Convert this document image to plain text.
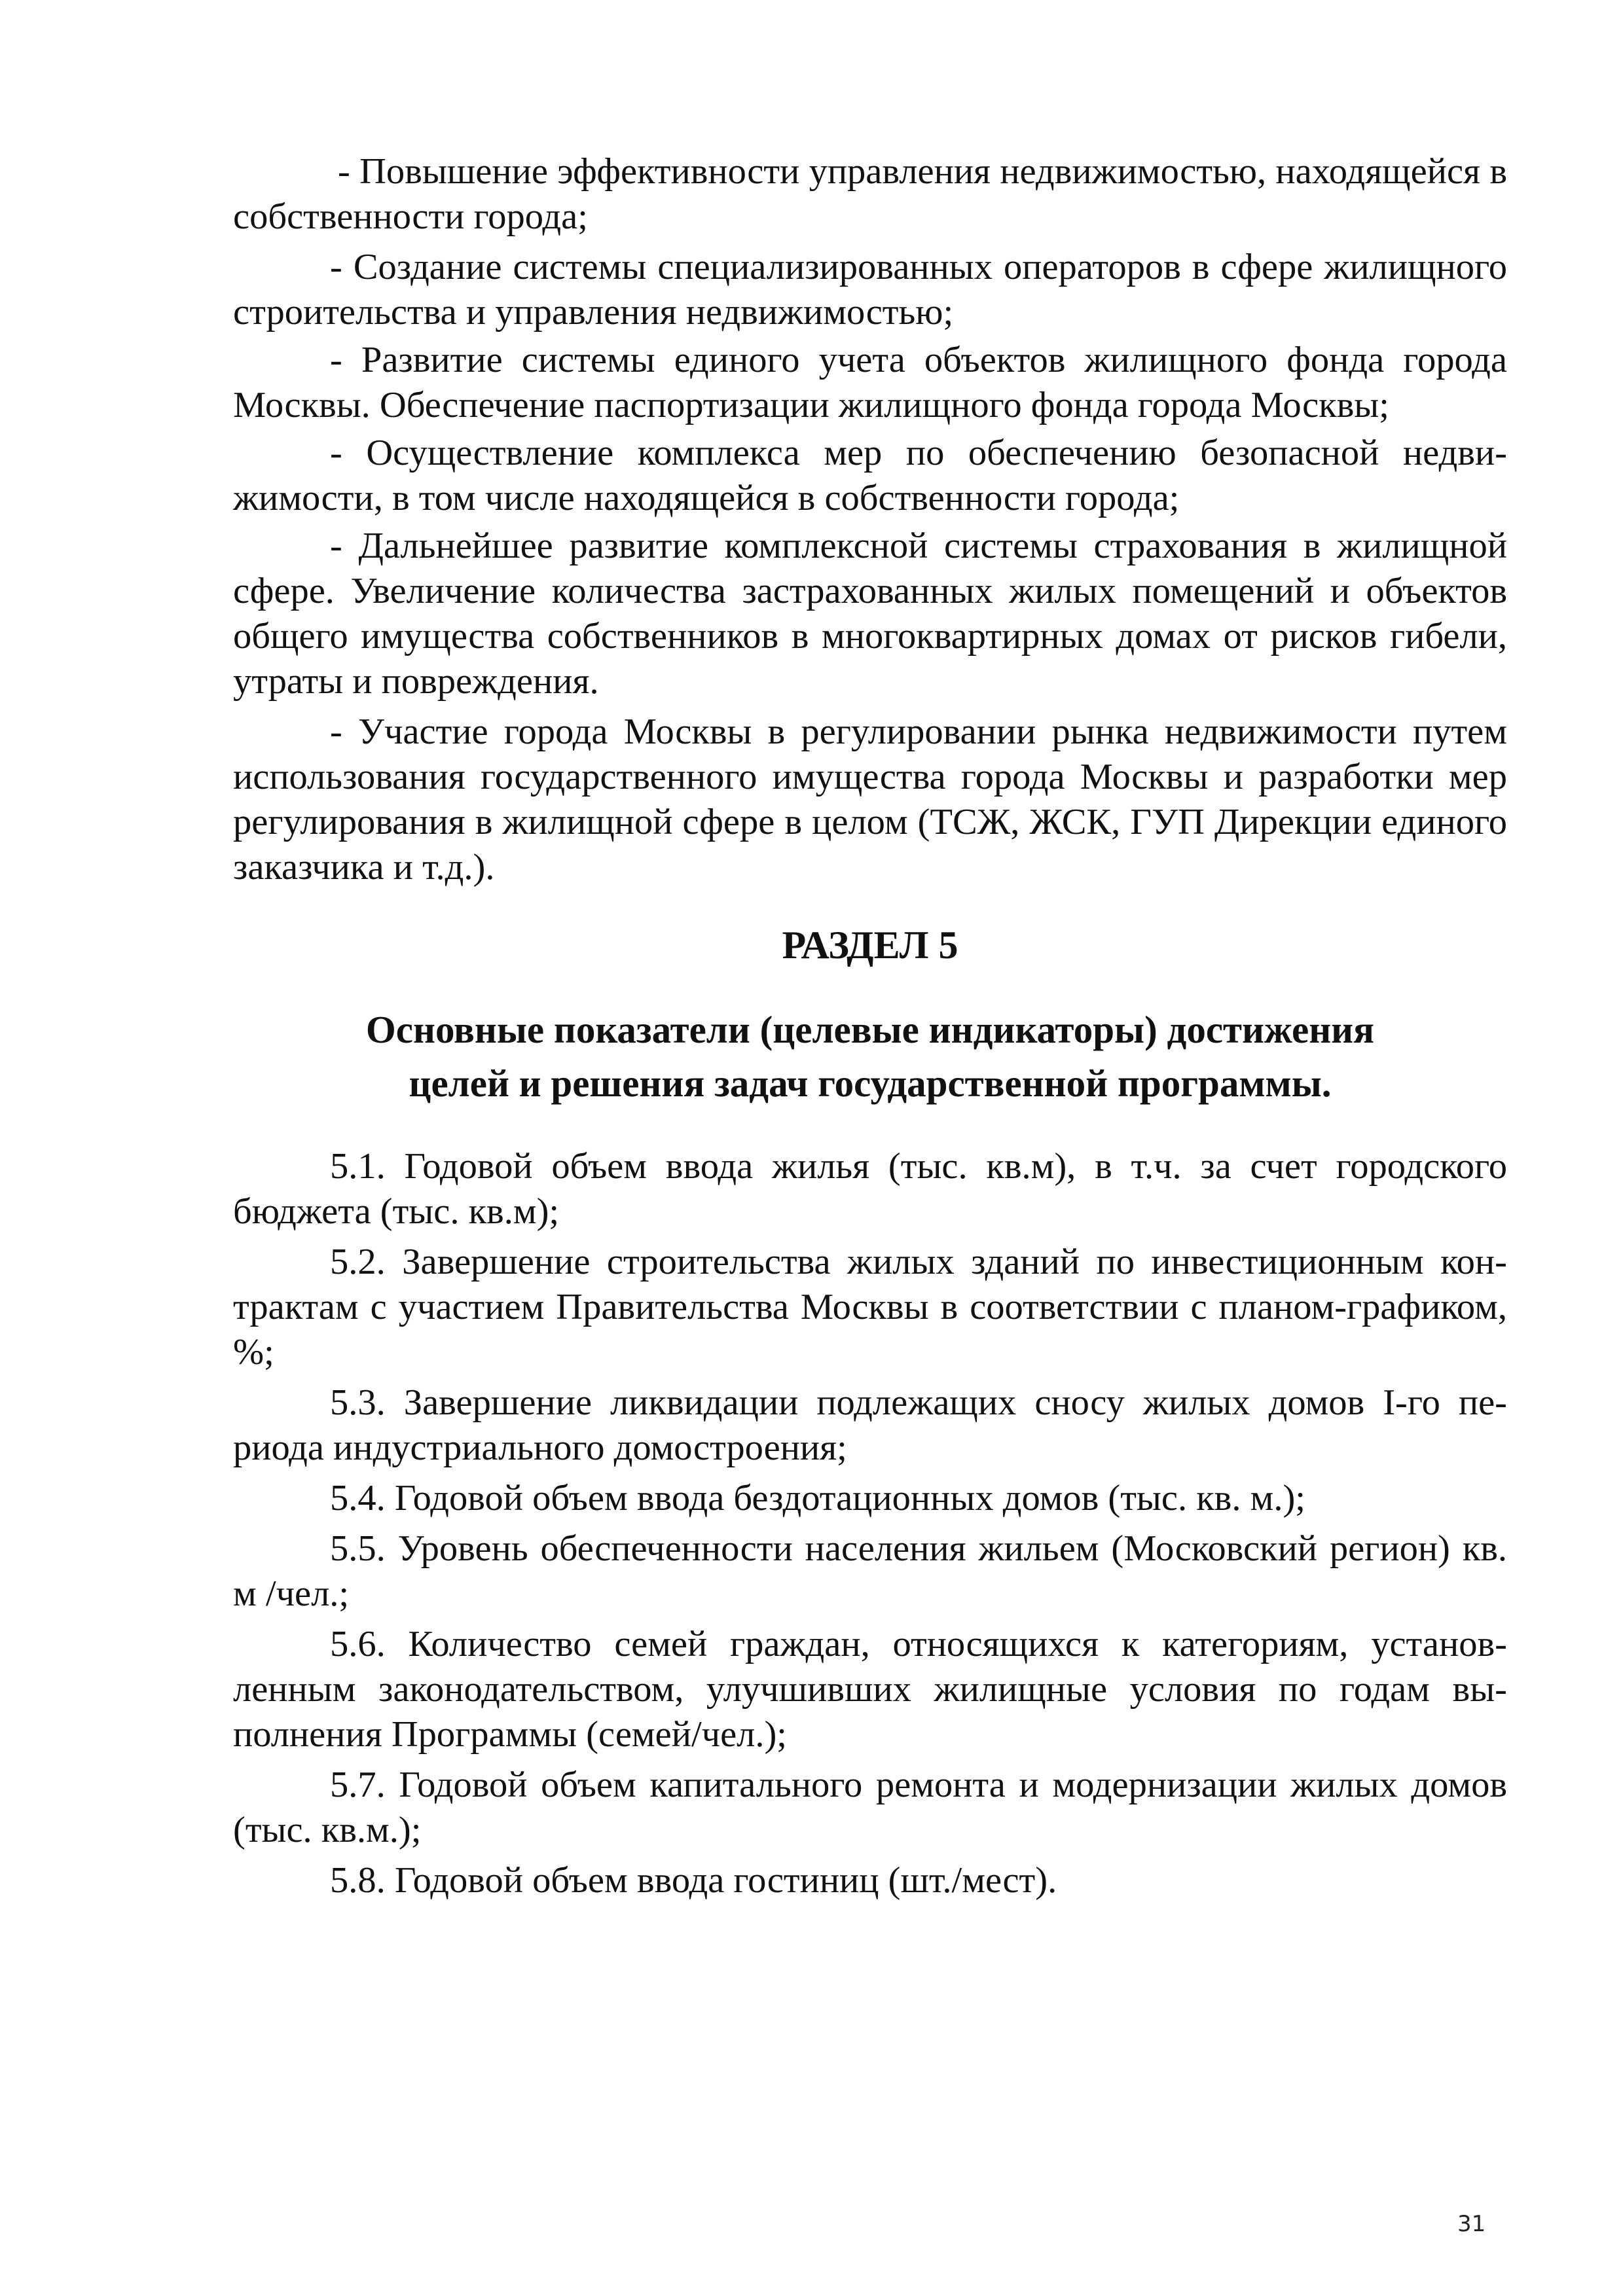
- Повышение эффективности управления недвижимостью, находящейся в собственности города;

- Создание системы специализированных операторов в сфере жилищного строительства и управления недвижимостью;

- Развитие системы единого учета объектов жилищного фонда города Москвы. Обеспечение паспортизации жилищного фонда города Москвы;

- Осуществление комплекса мер по обеспечению безопасной недвижимости, в том числе находящейся в собственности города;

- Дальнейшее развитие комплексной системы страхования в жилищной сфере. Увеличение количества застрахованных жилых помещений и объектов общего имущества собственников в многоквартирных домах от рисков гибели, утраты и повреждения.

- Участие города Москвы в регулировании рынка недвижимости путем использования государственного имущества города Москвы и разработки мер регулирования в жилищной сфере в целом (ТСЖ, ЖСК, ГУП Дирекции единого заказчика и т.д.).

РАЗДЕЛ 5
Основные показатели (целевые индикаторы) достижения
целей и решения задач государственной программы.

5.1. Годовой объем ввода жилья (тыс. кв.м), в т.ч. за счет городского бюджета (тыс. кв.м);

5.2. Завершение строительства жилых зданий по инвестиционным контрактам с участием Правительства Москвы в соответствии с планом-графиком, %;

5.3. Завершение ликвидации подлежащих сносу жилых домов I-го периода индустриального домостроения;

5.4. Годовой объем ввода бездотационных домов (тыс. кв. м.);

5.5. Уровень обеспеченности населения жильем (Московский регион) кв. м /чел.;

5.6. Количество семей граждан, относящихся к категориям, установленным законодательством, улучшивших жилищные условия по годам выполнения Программы (семей/чел.);

5.7. Годовой объем капитального ремонта и модернизации жилых домов (тыс. кв.м.);

5.8. Годовой объем ввода гостиниц (шт./мест).

31
